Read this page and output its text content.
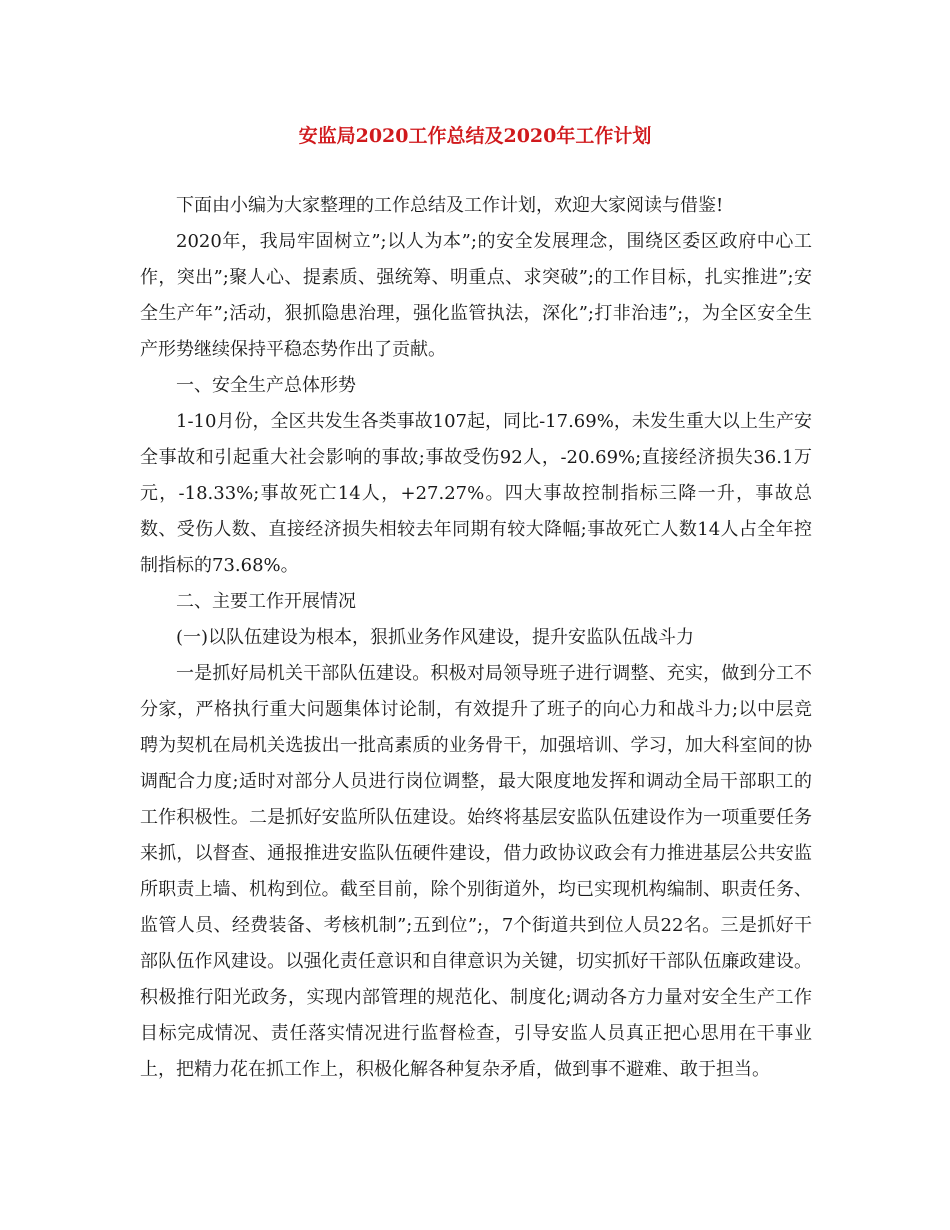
安监局2020工作总结及2020年工作计划

下面由小编为大家整理的工作总结及工作计划，欢迎大家阅读与借鉴!

2020年，我局牢固树立”;以人为本”;的安全发展理念，围绕区委区政府中心工作，突出”;聚人心、提素质、强统筹、明重点、求突破”;的工作目标，扎实推进”;安全生产年”;活动，狠抓隐患治理，强化监管执法，深化”;打非治违”;，为全区安全生产形势继续保持平稳态势作出了贡献。

一、安全生产总体形势

1-10月份，全区共发生各类事故107起，同比-17.69%，未发生重大以上生产安全事故和引起重大社会影响的事故;事故受伤92人，-20.69%;直接经济损失36.1万元，-18.33%;事故死亡14人，+27.27%。四大事故控制指标三降一升，事故总数、受伤人数、直接经济损失相较去年同期有较大降幅;事故死亡人数14人占全年控制指标的73.68%。

二、主要工作开展情况

(一)以队伍建设为根本，狠抓业务作风建设，提升安监队伍战斗力

一是抓好局机关干部队伍建设。积极对局领导班子进行调整、充实，做到分工不分家，严格执行重大问题集体讨论制，有效提升了班子的向心力和战斗力;以中层竞聘为契机在局机关选拔出一批高素质的业务骨干，加强培训、学习，加大科室间的协调配合力度;适时对部分人员进行岗位调整，最大限度地发挥和调动全局干部职工的工作积极性。二是抓好安监所队伍建设。始终将基层安监队伍建设作为一项重要任务来抓，以督查、通报推进安监队伍硬件建设，借力政协议政会有力推进基层公共安监所职责上墙、机构到位。截至目前，除个别街道外，均已实现机构编制、职责任务、监管人员、经费装备、考核机制”;五到位”;，7个街道共到位人员22名。三是抓好干部队伍作风建设。以强化责任意识和自律意识为关键，切实抓好干部队伍廉政建设。积极推行阳光政务，实现内部管理的规范化、制度化;调动各方力量对安全生产工作目标完成情况、责任落实情况进行监督检查，引导安监人员真正把心思用在干事业上，把精力花在抓工作上，积极化解各种复杂矛盾，做到事不避难、敢于担当。
